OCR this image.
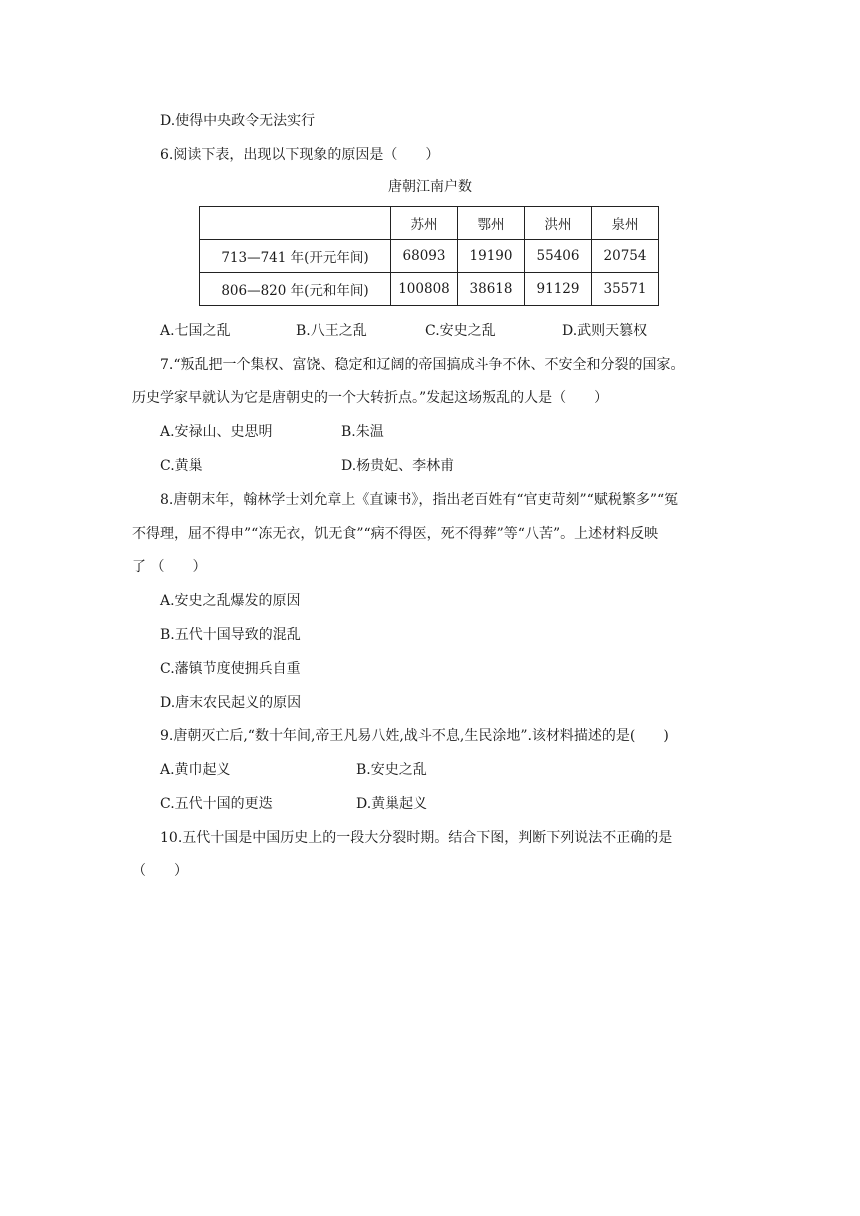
D.使得中央政令无法实行
6.阅读下表，出现以下现象的原因是（　　）
唐朝江南户数
	苏州	鄂州	洪州	泉州
713—741 年(开元年间)	68093	19190	55406	20754
806—820 年(元和年间)	100808	38618	91129	35571
A.七国之乱	B.八王之乱	C.安史之乱	D.武则天篡权
7.“叛乱把一个集权、富饶、稳定和辽阔的帝国搞成斗争不休、不安全和分裂的国家。
历史学家早就认为它是唐朝史的一个大转折点。”发起这场叛乱的人是（　　）
A.安禄山、史思明	B.朱温
C.黄巢	D.杨贵妃、李林甫
8.唐朝末年，翰林学士刘允章上《直谏书》，指出老百姓有“官吏苛刻”“赋税繁多”“冤
不得理，屈不得申”“冻无衣，饥无食”“病不得医，死不得葬”等“八苦”。上述材料反映
了 （　　）
A.安史之乱爆发的原因
B.五代十国导致的混乱
C.藩镇节度使拥兵自重
D.唐末农民起义的原因
9.唐朝灭亡后,“数十年间,帝王凡易八姓,战斗不息,生民涂地”.该材料描述的是(　　)
A.黄巾起义	B.安史之乱
C.五代十国的更迭	D.黄巢起义
10.五代十国是中国历史上的一段大分裂时期。结合下图，判断下列说法不正确的是
（　　）
